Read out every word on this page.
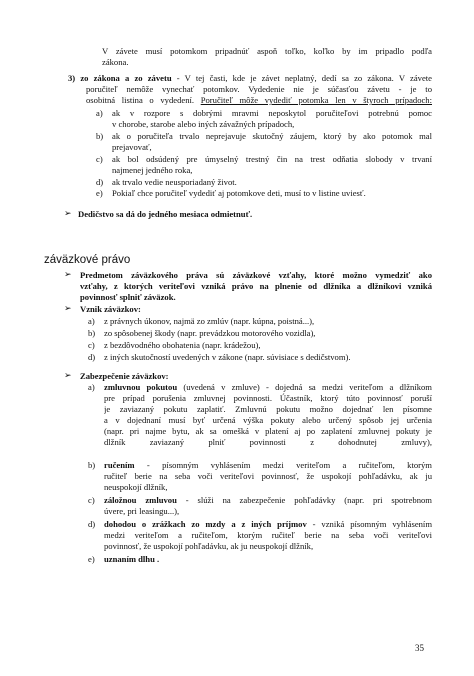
V závete musí potomkom pripadnúť aspoň toľko, koľko by im pripadlo podľa
zákona.
3) zo zákona a zo závetu - V tej časti, kde je závet neplatný, dedí sa zo zákona. V závete
poručiteľ nemôže vynechať potomkov. Vydedenie nie je súčasťou závetu - je to
osobitná listina o vydedení. Poručiteľ môže vydediť potomka len v štyroch prípadoch:
a) ak v rozpore s dobrými mravmi neposkytol poručiteľovi potrebnú pomoc
v chorobe, starobe alebo iných závažných prípadoch,
b) ak o poručiteľa trvalo neprejavuje skutočný záujem, ktorý by ako potomok mal
prejavovať,
c) ak bol odsúdený pre úmyselný trestný čin na trest odňatia slobody v trvaní
najmenej jedného roka,
d) ak trvalo vedie neusporiadaný život.
e) Pokiaľ chce poručiteľ vydediť aj potomkove deti, musí to v listine uviesť.
➢ Dedičstvo sa dá do jedného mesiaca odmietnuť.
záväzkové právo
➢ Predmetom záväzkového práva sú záväzkové vzťahy, ktoré možno vymedziť ako
vzťahy, z ktorých veriteľovi vzniká právo na plnenie od dlžníka a dlžníkovi vzniká
povinnosť splniť záväzok.
➢ Vznik záväzkov:
a) z právnych úkonov, najmä zo zmlúv (napr. kúpna, poistná...),
b) zo spôsobenej škody (napr. prevádzkou motorového vozidla),
c) z bezdôvodného obohatenia (napr. krádežou),
d) z iných skutočností uvedených v zákone (napr. súvisiace s dedičstvom).
➢ Zabezpečenie záväzkov:
a) zmluvnou pokutou (uvedená v zmluve) - dojedná sa medzi veriteľom a dlžníkom
pre prípad porušenia zmluvnej povinnosti. Účastník, ktorý túto povinnosť poruší
je zaviazaný pokutu zaplatiť. Zmluvnú pokutu možno dojednať len písomne
a v dojednaní musí byť určená výška pokuty alebo určený spôsob jej určenia
(napr. pri najme bytu, ak sa omešká v platení aj po zaplatení zmluvnej pokuty je
dlžník zaviazaný plniť povinnosti z dohodnutej zmluvy),
b) ručením - písomným vyhlásením medzi veriteľom a ručiteľom, ktorým
ručiteľ berie na seba voči veriteľovi povinnosť, že uspokojí pohľadávku, ak ju
neuspokojí dlžník,
c) záložnou zmluvou - slúži na zabezpečenie pohľadávky (napr. pri spotrebnom
úvere, pri leasingu...),
d) dohodou o zrážkach zo mzdy a z iných príjmov - vzniká písomným vyhlásením
medzi veriteľom a ručiteľom, ktorým ručiteľ berie na seba voči veriteľovi
povinnosť, že uspokojí pohľadávku, ak ju neuspokojí dlžník,
e) uznaním dlhu .
35
